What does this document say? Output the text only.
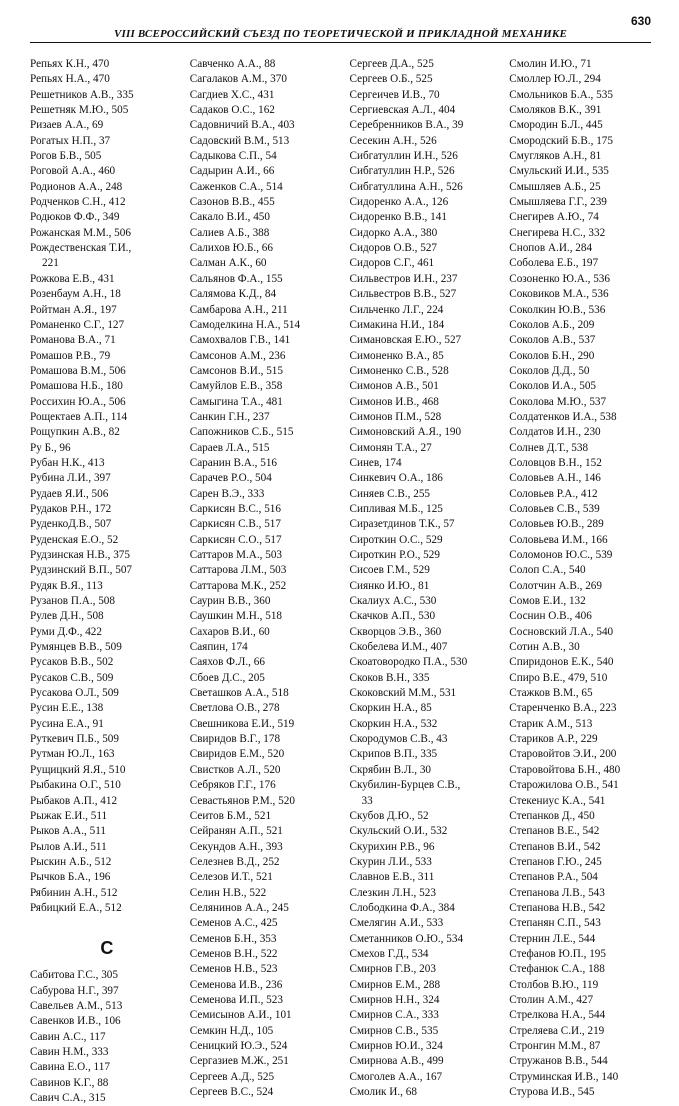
VIII ВСЕРОССИЙСКИЙ СЪЕЗД ПО ТЕОРЕТИЧЕСКОЙ И ПРИКЛАДНОЙ МЕХАНИКЕ
630
Репьях К.Н., 470
Репьях Н.А., 470
Решетников А.В., 335
Решетняк М.Ю., 505
Ризаев А.А., 69
Рогатых Н.П., 37
Рогов Б.В., 505
Роговой А.А., 460
Родионов А.А., 248
Родченков С.Н., 412
Родюков Ф.Ф., 349
Рожанская М.М., 506
Рождественская Т.И.,
221
Рожкова Е.В., 431
Розенбаум А.Н., 18
Ройтман А.Я., 197
Романенко С.Г., 127
Романова В.А., 71
Ромашов Р.В., 79
Ромашова В.М., 506
Ромашова Н.Б., 180
Россихин Ю.А., 506
Рощектаев А.П., 114
Рощупкин А.В., 82
Ру Б., 96
Рубан Н.К., 413
Рубина Л.И., 397
Рудаев Я.И., 506
Рудаков Р.Н., 172
РуденкоД.В., 507
Руденская Е.О., 52
Рудзинская Н.В., 375
Рудзинский В.П., 507
Рудяк В.Я., 113
Рузанов П.А., 508
Рулев Д.Н., 508
Руми Д.Ф., 422
Румянцев В.В., 509
Русаков В.В., 502
Русаков С.В., 509
Русакова О.Л., 509
Русин Е.Е., 138
Русина Е.А., 91
Руткевич П.Б., 509
Рутман Ю.Л., 163
Рущицкий Я.Я., 510
Рыбакина О.Г., 510
Рыбаков А.П., 412
Рыжак Е.И., 511
Рыков А.А., 511
Рылов А.И., 511
Рыскин А.Б., 512
Рычков Б.А., 196
Рябинин А.Н., 512
Рябицкий Е.А., 512
С
Сабитова Г.С., 305
Сабурова Н.Г., 397
Савельев А.М., 513
Савенков И.В., 106
Савин А.С., 117
Савин Н.М., 333
Савина Е.О., 117
Савинов К.Г., 88
Савич С.А., 315
Савченко А.А., 88
Сагалаков А.М., 370
Сагдиев Х.С., 431
Садаков О.С., 162
Садовничий В.А., 403
Садовский В.М., 513
Садыкова С.П., 54
Садырин А.И., 66
Саженков С.А., 514
Сазонов В.В., 455
Сакало В.И., 450
Салиев А.Б., 388
Салихов Ю.Б., 66
Салман А.К., 60
Сальянов Ф.А., 155
Салямова К.Д., 84
Самбарова А.Н., 211
Самоделкина Н.А., 514
Самохвалов Г.В., 141
Самсонов А.М., 236
Самсонов В.И., 515
Самуйлов Е.В., 358
Самыгина Т.А., 481
Санкин Г.Н., 237
Сапожников С.Б., 515
Сараев Л.А., 515
Саранин В.А., 516
Сарачев Р.О., 504
Сарен В.Э., 333
Саркисян В.С., 516
Саркисян С.В., 517
Саркисян С.О., 517
Саттаров М.А., 503
Саттарова Л.М., 503
Саттарова М.К., 252
Саурин В.В., 360
Саушкин М.Н., 518
Сахаров В.И., 60
Саяпин, 174
Саяхов Ф.Л., 66
Сбоев Д.С., 205
Светашков А.А., 518
Светлова О.В., 278
Свешникова Е.И., 519
Свиридов В.Г., 178
Свиридов Е.М., 520
Свистков А.Л., 520
Себряков Г.Г., 176
Севастьянов Р.М., 520
Сеитов Б.М., 521
Сейранян А.П., 521
Секундов А.Н., 393
Селезнев В.Д., 252
Селезов И.Т., 521
Селин Н.В., 522
Селянинов А.А., 245
Семенов А.С., 425
Семенов Б.Н., 353
Семенов В.Н., 522
Семенов Н.В., 523
Семенова И.В., 236
Семенова И.П., 523
Семисынов А.И., 101
Семкин Н.Д., 105
Сеницкий Ю.Э., 524
Сергазиев М.Ж., 251
Сергеев А.Д., 525
Сергеев В.С., 524
Сергеев Д.А., 525
Сергеев О.Б., 525
Сергеичев И.В., 70
Сергиевская А.Л., 404
Серебренников В.А., 39
Сесекин А.Н., 526
Сибгатуллин И.Н., 526
Сибгатуллин Н.Р., 526
Сибгатуллина А.Н., 526
Сидоренко А.А., 126
Сидоренко В.В., 141
Сидорко А.А., 380
Сидоров О.В., 527
Сидоров С.Г., 461
Сильвестров И.Н., 237
Сильвестров В.В., 527
Сильченко Л.Г., 224
Симакина Н.И., 184
Симановская Е.Ю., 527
Симоненко В.А., 85
Симоненко С.В., 528
Симонов А.В., 501
Симонов И.В., 468
Симонов П.М., 528
Симоновский А.Я., 190
Симонян Т.А., 27
Синев, 174
Синкевич О.А., 186
Синяев С.В., 255
Сипливая М.Б., 125
Сиразетдинов Т.К., 57
Сироткин О.С., 529
Сироткин Р.О., 529
Сисоев Г.М., 529
Сиянко И.Ю., 81
Скалиух А.С., 530
Скачков А.П., 530
Скворцов Э.В., 360
Скобелева И.М., 407
Скоатовородко П.А., 530
Скоков В.Н., 335
Скоковский М.М., 531
Скоркин Н.А., 85
Скоркин Н.А., 532
Скородумов С.В., 43
Скрипов В.П., 335
Скрябин В.Л., 30
Скубилин-Бурцев С.В.,
33
Скубов Д.Ю., 52
Скульский О.И., 532
Скурихин Р.В., 96
Скурин Л.И., 533
Славнов Е.В., 311
Слезкин Л.Н., 523
Слободкина Ф.А., 384
Смелягин А.И., 533
Сметанников О.Ю., 534
Смехов Г.Д., 534
Смирнов Г.В., 203
Смирнов Е.М., 288
Смирнов Н.Н., 324
Смирнов С.А., 333
Смирнов С.В., 535
Смирнов Ю.И., 324
Смирнова А.В., 499
Смоголев А.А., 167
Смолик И., 68
Смолин И.Ю., 71
Смоллер Ю.Л., 294
Смольников Б.А., 535
Смоляков В.К., 391
Смородин Б.Л., 445
Смородский Б.В., 175
Смугляков А.Н., 81
Смульский И.И., 535
Смышляев А.Б., 25
Смышляева Г.Г., 239
Снегирев А.Ю., 74
Снегирева Н.С., 332
Снопов А.И., 284
Соболева Е.Б., 197
Созоненко Ю.А., 536
Соковиков М.А., 536
Соколкин Ю.В., 536
Соколов А.Б., 209
Соколов А.В., 537
Соколов Б.Н., 290
Соколов Д.Д., 50
Соколов И.А., 505
Соколова М.Ю., 537
Солдатенков И.А., 538
Солдатов И.Н., 230
Солнев Д.Т., 538
Соловцов В.Н., 152
Соловьев А.Н., 146
Соловьев Р.А., 412
Соловьев С.В., 539
Соловьев Ю.В., 289
Соловьева И.М., 166
Соломонов Ю.С., 539
Солоп С.А., 540
Солотчин А.В., 269
Сомов Е.И., 132
Соснин О.В., 406
Сосновский Л.А., 540
Сотин А.В., 30
Спиридонов Е.К., 540
Спиро В.Е., 479, 510
Стажков В.М., 65
Старенченко В.А., 223
Старик А.М., 513
Стариков А.Р., 229
Старовойтов Э.И., 200
Старовойтова Б.Н., 480
Старожилова О.В., 541
Стекениус К.А., 541
Степанков Д., 450
Степанов В.Е., 542
Степанов В.И., 542
Степанов Г.Ю., 245
Степанов Р.А., 504
Степанова Л.В., 543
Степанова Н.В., 542
Степанян С.П., 543
Стернин Л.Е., 544
Стефанов Ю.П., 195
Стефанюк С.А., 188
Столбов В.Ю., 119
Столин А.М., 427
Стрелкова Н.А., 544
Стреляева С.И., 219
Стронгин М.М., 87
Стружанов В.В., 544
Струминская И.В., 140
Стурова И.В., 545
